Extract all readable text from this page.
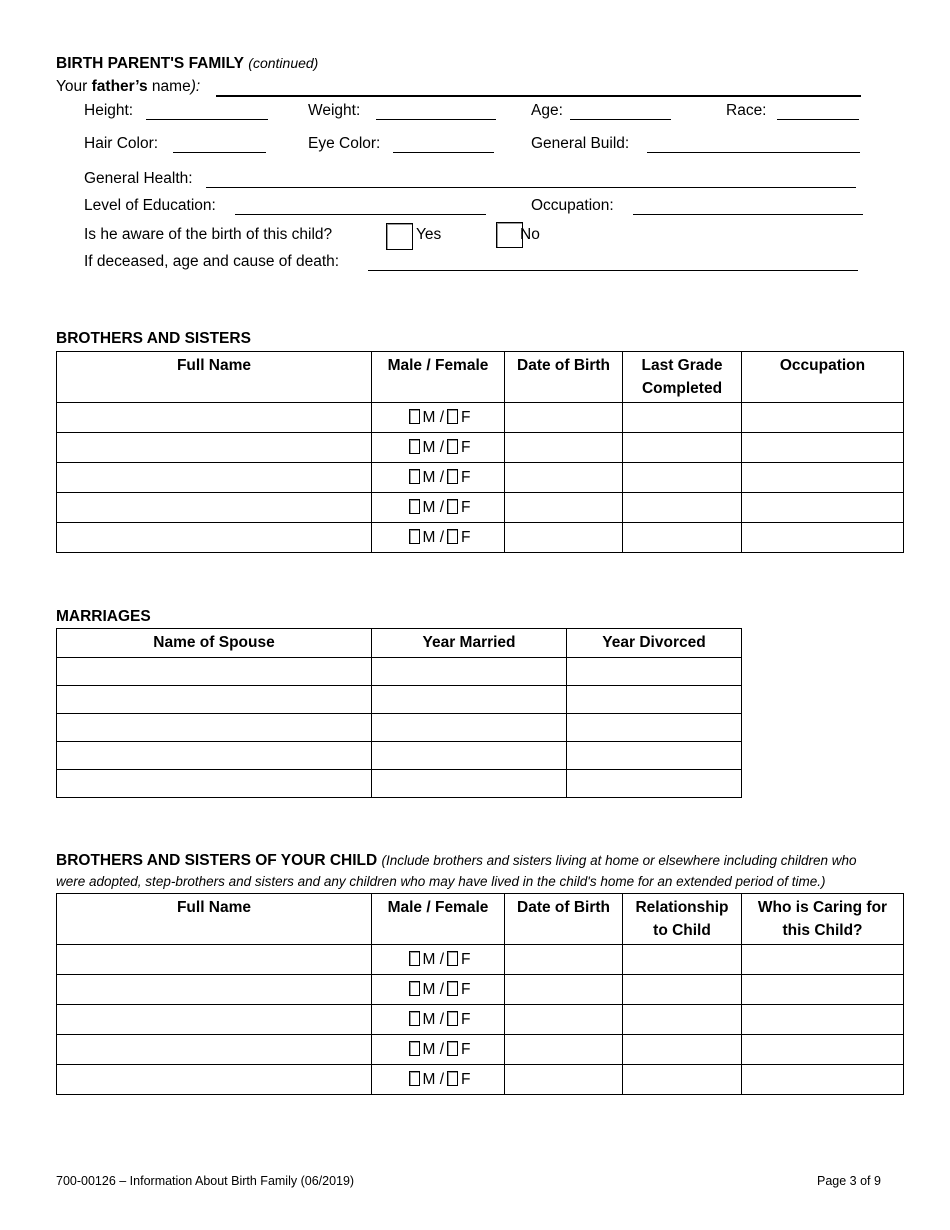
BIRTH PARENT'S FAMILY (continued)
Your father’s name):
Height:	Weight:	Age:	Race:
Hair Color:	Eye Color:	General Build:
General Health:
Level of Education:	Occupation:
Is he aware of the birth of this child?	Yes	No
If deceased, age and cause of death:
BROTHERS AND SISTERS
Full Name	Male / Female	Date of Birth	Last Grade Completed	Occupation
	M / F			
	M / F			
	M / F			
	M / F			
	M / F			
MARRIAGES
Name of Spouse	Year Married	Year Divorced

BROTHERS AND SISTERS OF YOUR CHILD (Include brothers and sisters living at home or elsewhere including children who
were adopted, step-brothers and sisters and any children who may have lived in the child's home for an extended period of time.)
Full Name	Male / Female	Date of Birth	Relationship to Child	Who is Caring for this Child?
	M / F			
	M / F			
	M / F			
	M / F			
	M / F			
700-00126 – Information About Birth Family (06/2019)	Page 3 of 9
